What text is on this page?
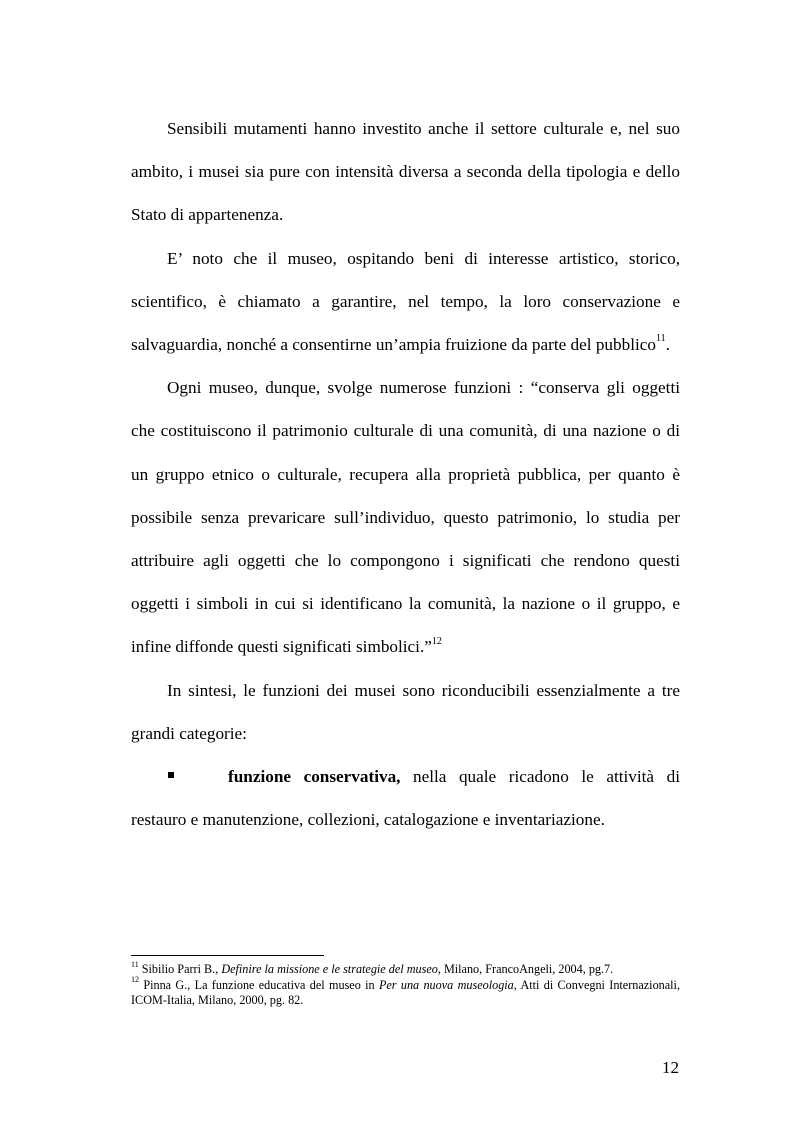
Sensibili mutamenti hanno investito anche il settore culturale e, nel suo ambito, i musei sia pure con intensità diversa a seconda della tipologia e dello Stato di appartenenza.

E’ noto che il museo, ospitando beni di interesse artistico, storico, scientifico, è chiamato a garantire, nel tempo, la loro conservazione e salvaguardia, nonché a consentirne un’ampia fruizione da parte del pubblico$^{11}$.

Ogni museo, dunque, svolge numerose funzioni : “conserva gli oggetti che costituiscono il patrimonio culturale di una comunità, di una nazione o di un gruppo etnico o culturale, recupera alla proprietà pubblica, per quanto è possibile senza prevaricare sull’individuo, questo patrimonio, lo studia per attribuire agli oggetti che lo compongono i significati che rendono questi oggetti i simboli in cui si identificano la comunità, la nazione o il gruppo, e infine diffonde questi significati simbolici.”$^{12}$

In sintesi, le funzioni dei musei sono riconducibili essenzialmente a tre grandi categorie:

funzione conservativa, nella quale ricadono le attività di restauro e manutenzione, collezioni, catalogazione e inventariazione.

$^{11}$ Sibilio Parri B., Definire la missione e le strategie del museo, Milano, FrancoAngeli, 2004, pg.7.

$^{12}$ Pinna G., La funzione educativa del museo in Per una nuova museologia, Atti di Convegni Internazionali, ICOM-Italia, Milano, 2000, pg. 82.

12
